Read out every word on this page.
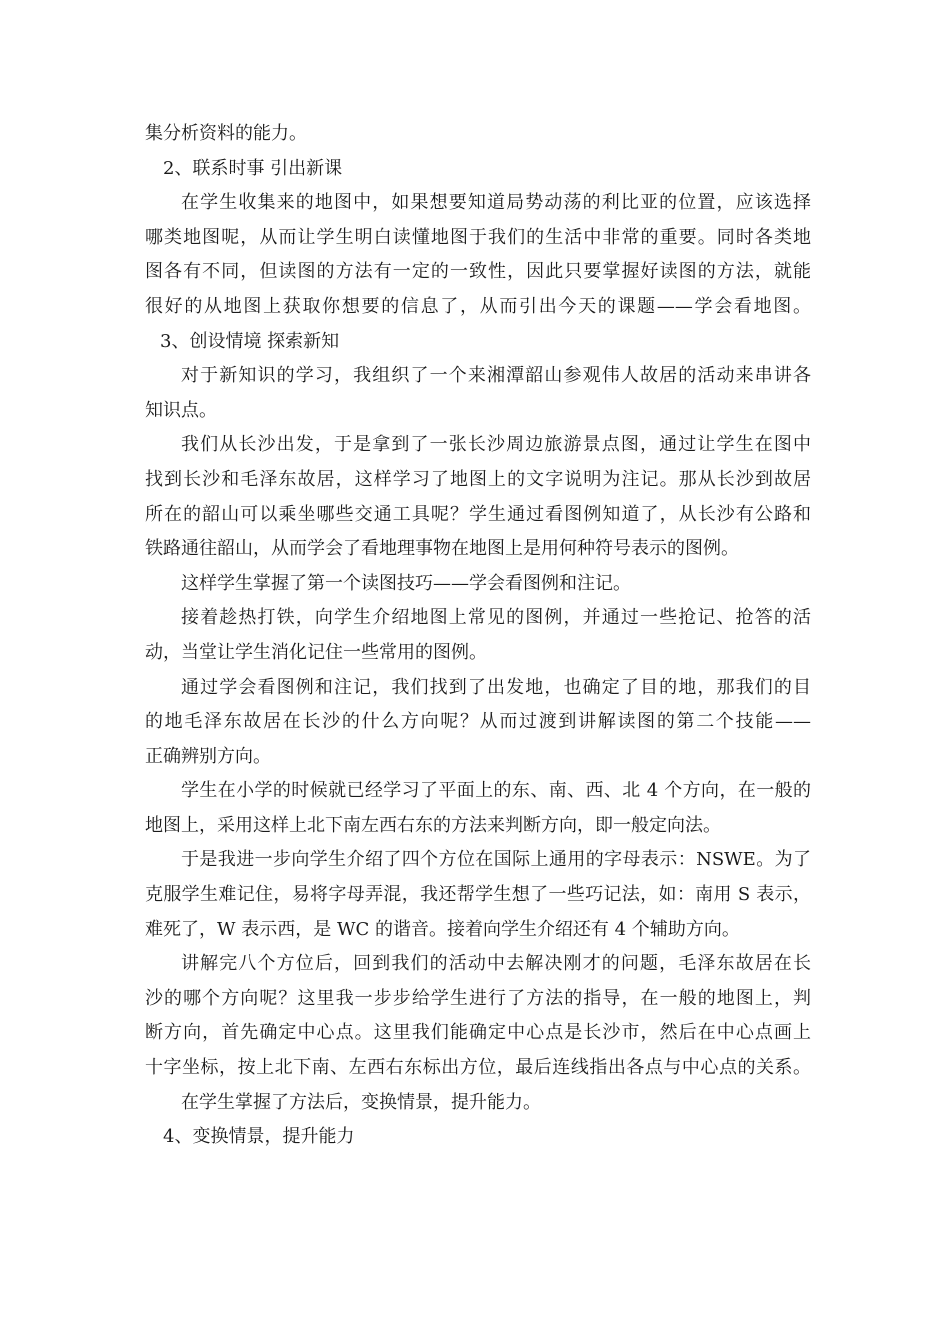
集分析资料的能力。
2、联系时事 引出新课
在学生收集来的地图中，如果想要知道局势动荡的利比亚的位置，应该选择
哪类地图呢，从而让学生明白读懂地图于我们的生活中非常的重要。同时各类地
图各有不同，但读图的方法有一定的一致性，因此只要掌握好读图的方法，就能
很好的从地图上获取你想要的信息了，从而引出今天的课题——学会看地图。
3、创设情境 探索新知
对于新知识的学习，我组织了一个来湘潭韶山参观伟人故居的活动来串讲各
知识点。
我们从长沙出发，于是拿到了一张长沙周边旅游景点图，通过让学生在图中
找到长沙和毛泽东故居，这样学习了地图上的文字说明为注记。那从长沙到故居
所在的韶山可以乘坐哪些交通工具呢？学生通过看图例知道了，从长沙有公路和
铁路通往韶山，从而学会了看地理事物在地图上是用何种符号表示的图例。
这样学生掌握了第一个读图技巧——学会看图例和注记。
接着趁热打铁，向学生介绍地图上常见的图例，并通过一些抢记、抢答的活
动，当堂让学生消化记住一些常用的图例。
通过学会看图例和注记，我们找到了出发地，也确定了目的地，那我们的目
的地毛泽东故居在长沙的什么方向呢？从而过渡到讲解读图的第二个技能——
正确辨别方向。
学生在小学的时候就已经学习了平面上的东、南、西、北 4 个方向，在一般的
地图上，采用这样上北下南左西右东的方法来判断方向，即一般定向法。
于是我进一步向学生介绍了四个方位在国际上通用的字母表示：NSWE。为了
克服学生难记住，易将字母弄混，我还帮学生想了一些巧记法，如：南用 S 表示，
难死了，W 表示西，是 WC 的谐音。接着向学生介绍还有 4 个辅助方向。
讲解完八个方位后，回到我们的活动中去解决刚才的问题，毛泽东故居在长
沙的哪个方向呢？这里我一步步给学生进行了方法的指导，在一般的地图上，判
断方向，首先确定中心点。这里我们能确定中心点是长沙市，然后在中心点画上
十字坐标，按上北下南、左西右东标出方位，最后连线指出各点与中心点的关系。
在学生掌握了方法后，变换情景，提升能力。
4、变换情景，提升能力
